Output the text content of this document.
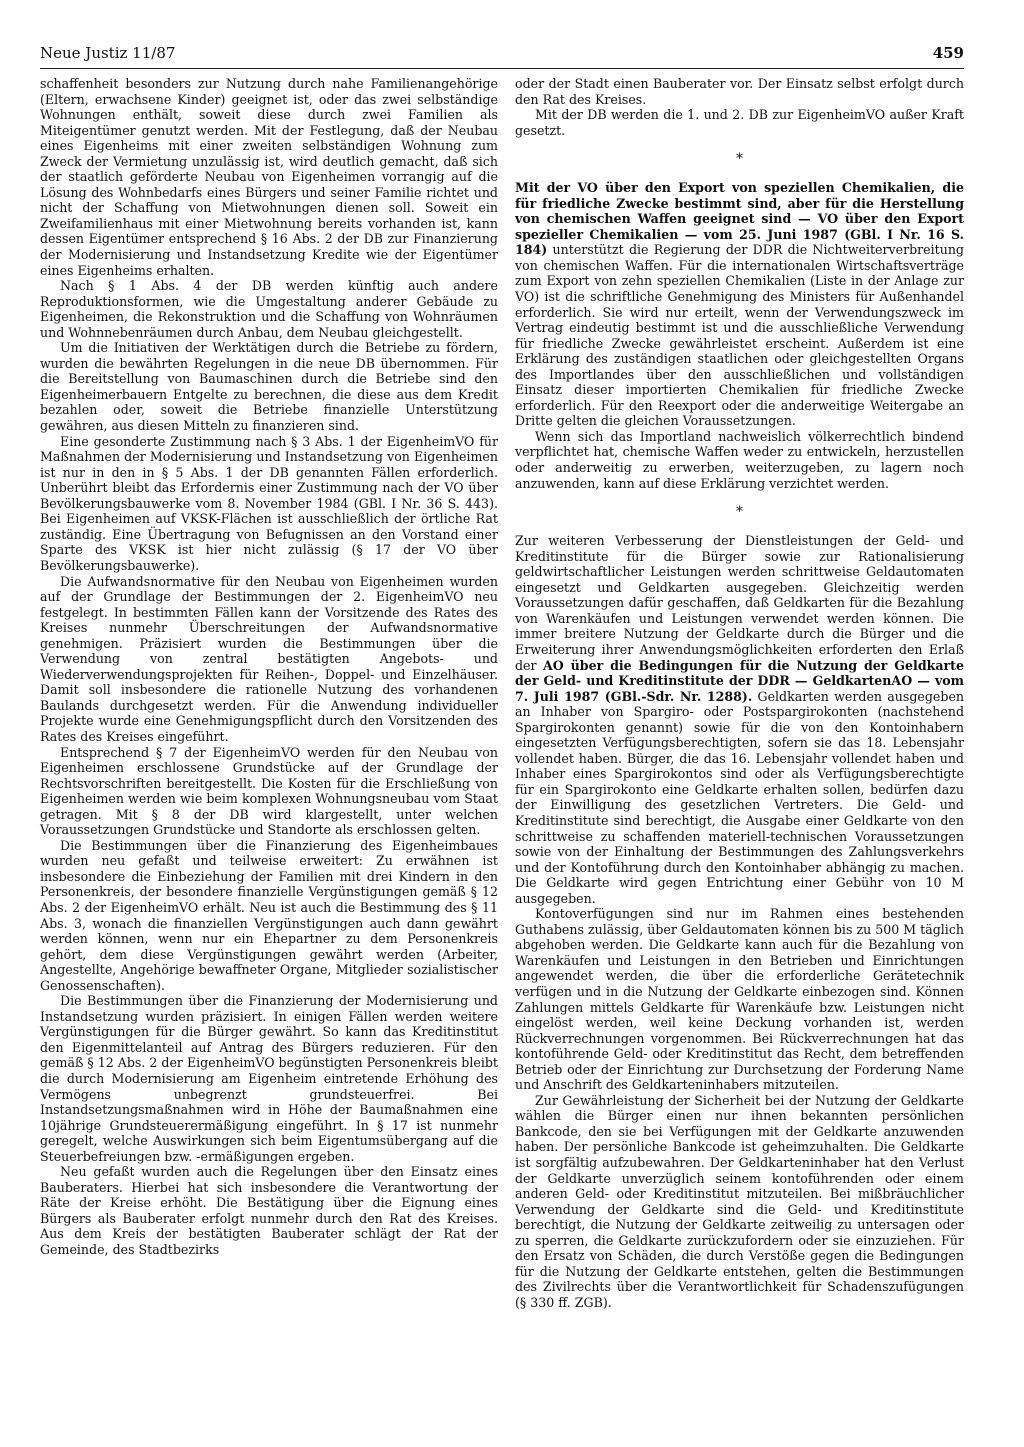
Neue Justiz 11/87	459

schaffenheit besonders zur Nutzung durch nahe Familienangehörige (Eltern, erwachsene Kinder) geeignet ist, oder das zwei selbständige Wohnungen enthält, soweit diese durch zwei Familien als Miteigentümer genutzt werden. Mit der Festlegung, daß der Neubau eines Eigenheims mit einer zweiten selbständigen Wohnung zum Zweck der Vermietung unzulässig ist, wird deutlich gemacht, daß sich der staatlich geförderte Neubau von Eigenheimen vorrangig auf die Lösung des Wohnbedarfs eines Bürgers und seiner Familie richtet und nicht der Schaffung von Mietwohnungen dienen soll. Soweit ein Zweifamilienhaus mit einer Mietwohnung bereits vorhanden ist, kann dessen Eigentümer entsprechend § 16 Abs. 2 der DB zur Finanzierung der Modernisierung und Instandsetzung Kredite wie der Eigentümer eines Eigenheims erhalten.

Nach § 1 Abs. 4 der DB werden künftig auch andere Reproduktionsformen, wie die Umgestaltung anderer Gebäude zu Eigenheimen, die Rekonstruktion und die Schaffung von Wohnräumen und Wohnnebenräumen durch Anbau, dem Neubau gleichgestellt.

Um die Initiativen der Werktätigen durch die Betriebe zu fördern, wurden die bewährten Regelungen in die neue DB übernommen. Für die Bereitstellung von Baumaschinen durch die Betriebe sind den Eigenheimerbauern Entgelte zu berechnen, die diese aus dem Kredit bezahlen oder, soweit die Betriebe finanzielle Unterstützung gewähren, aus diesen Mitteln zu finanzieren sind.

Eine gesonderte Zustimmung nach § 3 Abs. 1 der EigenheimVO für Maßnahmen der Modernisierung und Instandsetzung von Eigenheimen ist nur in den in § 5 Abs. 1 der DB genannten Fällen erforderlich. Unberührt bleibt das Erfordernis einer Zustimmung nach der VO über Bevölkerungsbauwerke vom 8. November 1984 (GBl. I Nr. 36 S. 443). Bei Eigenheimen auf VKSK-Flächen ist ausschließlich der örtliche Rat zuständig. Eine Übertragung von Befugnissen an den Vorstand einer Sparte des VKSK ist hier nicht zulässig (§ 17 der VO über Bevölkerungsbauwerke).

Die Aufwandsnormative für den Neubau von Eigenheimen wurden auf der Grundlage der Bestimmungen der 2. EigenheimVO neu festgelegt. In bestimmten Fällen kann der Vorsitzende des Rates des Kreises nunmehr Überschreitungen der Aufwandsnormative genehmigen. Präzisiert wurden die Bestimmungen über die Verwendung von zentral bestätigten Angebots- und Wiederverwendungsprojekten für Reihen-, Doppel- und Einzelhäuser. Damit soll insbesondere die rationelle Nutzung des vorhandenen Baulands durchgesetzt werden. Für die Anwendung individueller Projekte wurde eine Genehmigungspflicht durch den Vorsitzenden des Rates des Kreises eingeführt.

Entsprechend § 7 der EigenheimVO werden für den Neubau von Eigenheimen erschlossene Grundstücke auf der Grundlage der Rechtsvorschriften bereitgestellt. Die Kosten für die Erschließung von Eigenheimen werden wie beim komplexen Wohnungsneubau vom Staat getragen. Mit § 8 der DB wird klargestellt, unter welchen Voraussetzungen Grundstücke und Standorte als erschlossen gelten.

Die Bestimmungen über die Finanzierung des Eigenheimbaues wurden neu gefaßt und teilweise erweitert: Zu erwähnen ist insbesondere die Einbeziehung der Familien mit drei Kindern in den Personenkreis, der besondere finanzielle Vergünstigungen gemäß § 12 Abs. 2 der EigenheimVO erhält. Neu ist auch die Bestimmung des § 11 Abs. 3, wonach die finanziellen Vergünstigungen auch dann gewährt werden können, wenn nur ein Ehepartner zu dem Personenkreis gehört, dem diese Vergünstigungen gewährt werden (Arbeiter, Angestellte, Angehörige bewaffneter Organe, Mitglieder sozialistischer Genossenschaften).

Die Bestimmungen über die Finanzierung der Modernisierung und Instandsetzung wurden präzisiert. In einigen Fällen werden weitere Vergünstigungen für die Bürger gewährt. So kann das Kreditinstitut den Eigenmittelanteil auf Antrag des Bürgers reduzieren. Für den gemäß § 12 Abs. 2 der EigenheimVO begünstigten Personenkreis bleibt die durch Modernisierung am Eigenheim eintretende Erhöhung des Vermögens unbegrenzt grundsteuerfrei. Bei Instandsetzungsmaßnahmen wird in Höhe der Baumaßnahmen eine 10jährige Grundsteuerermäßigung eingeführt. In § 17 ist nunmehr geregelt, welche Auswirkungen sich beim Eigentumsübergang auf die Steuerbefreiungen bzw. -ermäßigungen ergeben.

Neu gefaßt wurden auch die Regelungen über den Einsatz eines Bauberaters. Hierbei hat sich insbesondere die Verantwortung der Räte der Kreise erhöht. Die Bestätigung über die Eignung eines Bürgers als Bauberater erfolgt nunmehr durch den Rat des Kreises. Aus dem Kreis der bestätigten Bauberater schlägt der Rat der Gemeinde, des Stadtbezirks

oder der Stadt einen Bauberater vor. Der Einsatz selbst erfolgt durch den Rat des Kreises.

Mit der DB werden die 1. und 2. DB zur EigenheimVO außer Kraft gesetzt.

*

Mit der VO über den Export von speziellen Chemikalien, die für friedliche Zwecke bestimmt sind, aber für die Herstellung von chemischen Waffen geeignet sind — VO über den Export spezieller Chemikalien — vom 25. Juni 1987 (GBl. I Nr. 16 S. 184) unterstützt die Regierung der DDR die Nichtweiterverbreitung von chemischen Waffen. Für die internationalen Wirtschaftsverträge zum Export von zehn speziellen Chemikalien (Liste in der Anlage zur VO) ist die schriftliche Genehmigung des Ministers für Außenhandel erforderlich. Sie wird nur erteilt, wenn der Verwendungszweck im Vertrag eindeutig bestimmt ist und die ausschließliche Verwendung für friedliche Zwecke gewährleistet erscheint. Außerdem ist eine Erklärung des zuständigen staatlichen oder gleichgestellten Organs des Importlandes über den ausschließlichen und vollständigen Einsatz dieser importierten Chemikalien für friedliche Zwecke erforderlich. Für den Reexport oder die anderweitige Weitergabe an Dritte gelten die gleichen Voraussetzungen.

Wenn sich das Importland nachweislich völkerrechtlich bindend verpflichtet hat, chemische Waffen weder zu entwickeln, herzustellen oder anderweitig zu erwerben, weiterzugeben, zu lagern noch anzuwenden, kann auf diese Erklärung verzichtet werden.

*

Zur weiteren Verbesserung der Dienstleistungen der Geld- und Kreditinstitute für die Bürger sowie zur Rationalisierung geldwirtschaftlicher Leistungen werden schrittweise Geldautomaten eingesetzt und Geldkarten ausgegeben. Gleichzeitig werden Voraussetzungen dafür geschaffen, daß Geldkarten für die Bezahlung von Warenkäufen und Leistungen verwendet werden können. Die immer breitere Nutzung der Geldkarte durch die Bürger und die Erweiterung ihrer Anwendungsmöglichkeiten erforderten den Erlaß der AO über die Bedingungen für die Nutzung der Geldkarte der Geld- und Kreditinstitute der DDR — GeldkartenAO — vom 7. Juli 1987 (GBl.-Sdr. Nr. 1288). Geldkarten werden ausgegeben an Inhaber von Spargiro- oder Postspargirokonten (nachstehend Spargirokonten genannt) sowie für die von den Kontoinhabern eingesetzten Verfügungsberechtigten, sofern sie das 18. Lebensjahr vollendet haben. Bürger, die das 16. Lebensjahr vollendet haben und Inhaber eines Spargirokontos sind oder als Verfügungsberechtigte für ein Spargirokonto eine Geldkarte erhalten sollen, bedürfen dazu der Einwilligung des gesetzlichen Vertreters. Die Geld- und Kreditinstitute sind berechtigt, die Ausgabe einer Geldkarte von den schrittweise zu schaffenden materiell-technischen Voraussetzungen sowie von der Einhaltung der Bestimmungen des Zahlungsverkehrs und der Kontoführung durch den Kontoinhaber abhängig zu machen. Die Geldkarte wird gegen Entrichtung einer Gebühr von 10 M ausgegeben.

Kontoverfügungen sind nur im Rahmen eines bestehenden Guthabens zulässig, über Geldautomaten können bis zu 500 M täglich abgehoben werden. Die Geldkarte kann auch für die Bezahlung von Warenkäufen und Leistungen in den Betrieben und Einrichtungen angewendet werden, die über die erforderliche Gerätetechnik verfügen und in die Nutzung der Geldkarte einbezogen sind. Können Zahlungen mittels Geldkarte für Warenkäufe bzw. Leistungen nicht eingelöst werden, weil keine Deckung vorhanden ist, werden Rückverrechnungen vorgenommen. Bei Rückverrechnungen hat das kontoführende Geld- oder Kreditinstitut das Recht, dem betreffenden Betrieb oder der Einrichtung zur Durchsetzung der Forderung Name und Anschrift des Geldkarteninhabers mitzuteilen.

Zur Gewährleistung der Sicherheit bei der Nutzung der Geldkarte wählen die Bürger einen nur ihnen bekannten persönlichen Bankcode, den sie bei Verfügungen mit der Geldkarte anzuwenden haben. Der persönliche Bankcode ist geheimzuhalten. Die Geldkarte ist sorgfältig aufzubewahren. Der Geldkarteninhaber hat den Verlust der Geldkarte unverzüglich seinem kontoführenden oder einem anderen Geld- oder Kreditinstitut mitzuteilen. Bei mißbräuchlicher Verwendung der Geldkarte sind die Geld- und Kreditinstitute berechtigt, die Nutzung der Geldkarte zeitweilig zu untersagen oder zu sperren, die Geldkarte zurückzufordern oder sie einzuziehen. Für den Ersatz von Schäden, die durch Verstöße gegen die Bedingungen für die Nutzung der Geldkarte entstehen, gelten die Bestimmungen des Zivilrechts über die Verantwortlichkeit für Schadenszufügungen (§ 330 ff. ZGB).
